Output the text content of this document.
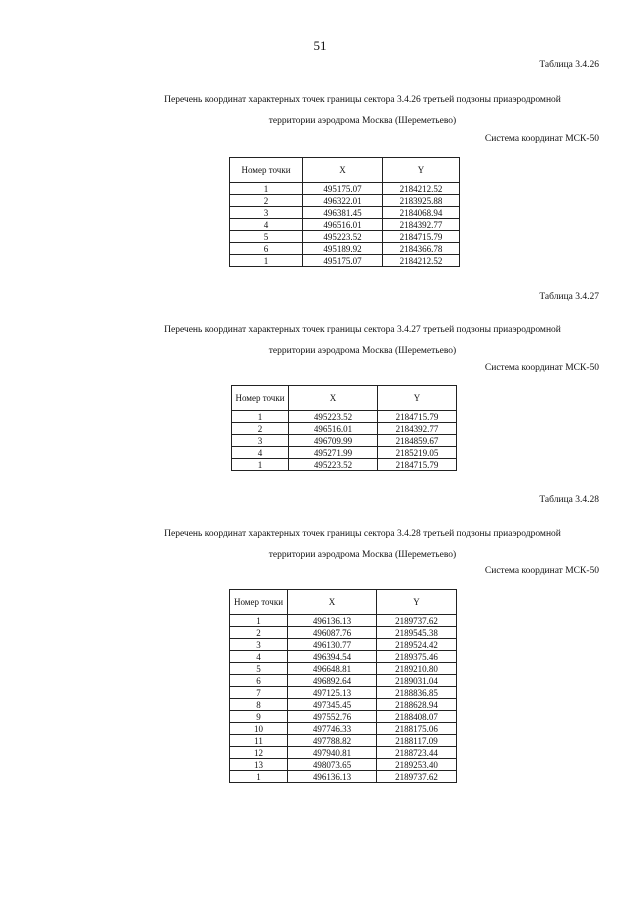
51
Таблица 3.4.26
Перечень координат характерных точек границы сектора 3.4.26 третьей подзоны приаэродромной
территории аэродрома Москва (Шереметьево)
Система координат МСК-50
Номер точки	X	Y
1	495175.07	2184212.52
2	496322.01	2183925.88
3	496381.45	2184068.94
4	496516.01	2184392.77
5	495223.52	2184715.79
6	495189.92	2184366.78
1	495175.07	2184212.52
Таблица 3.4.27
Перечень координат характерных точек границы сектора 3.4.27 третьей подзоны приаэродромной
территории аэродрома Москва (Шереметьево)
Система координат МСК-50
Номер точки	X	Y
1	495223.52	2184715.79
2	496516.01	2184392.77
3	496709.99	2184859.67
4	495271.99	2185219.05
1	495223.52	2184715.79
Таблица 3.4.28
Перечень координат характерных точек границы сектора 3.4.28 третьей подзоны приаэродромной
территории аэродрома Москва (Шереметьево)
Система координат МСК-50
Номер точки	X	Y
1	496136.13	2189737.62
2	496087.76	2189545.38
3	496130.77	2189524.42
4	496394.54	2189375.46
5	496648.81	2189210.80
6	496892.64	2189031.04
7	497125.13	2188836.85
8	497345.45	2188628.94
9	497552.76	2188408.07
10	497746.33	2188175.06
11	497788.82	2188117.09
12	497940.81	2188723.44
13	498073.65	2189253.40
1	496136.13	2189737.62
